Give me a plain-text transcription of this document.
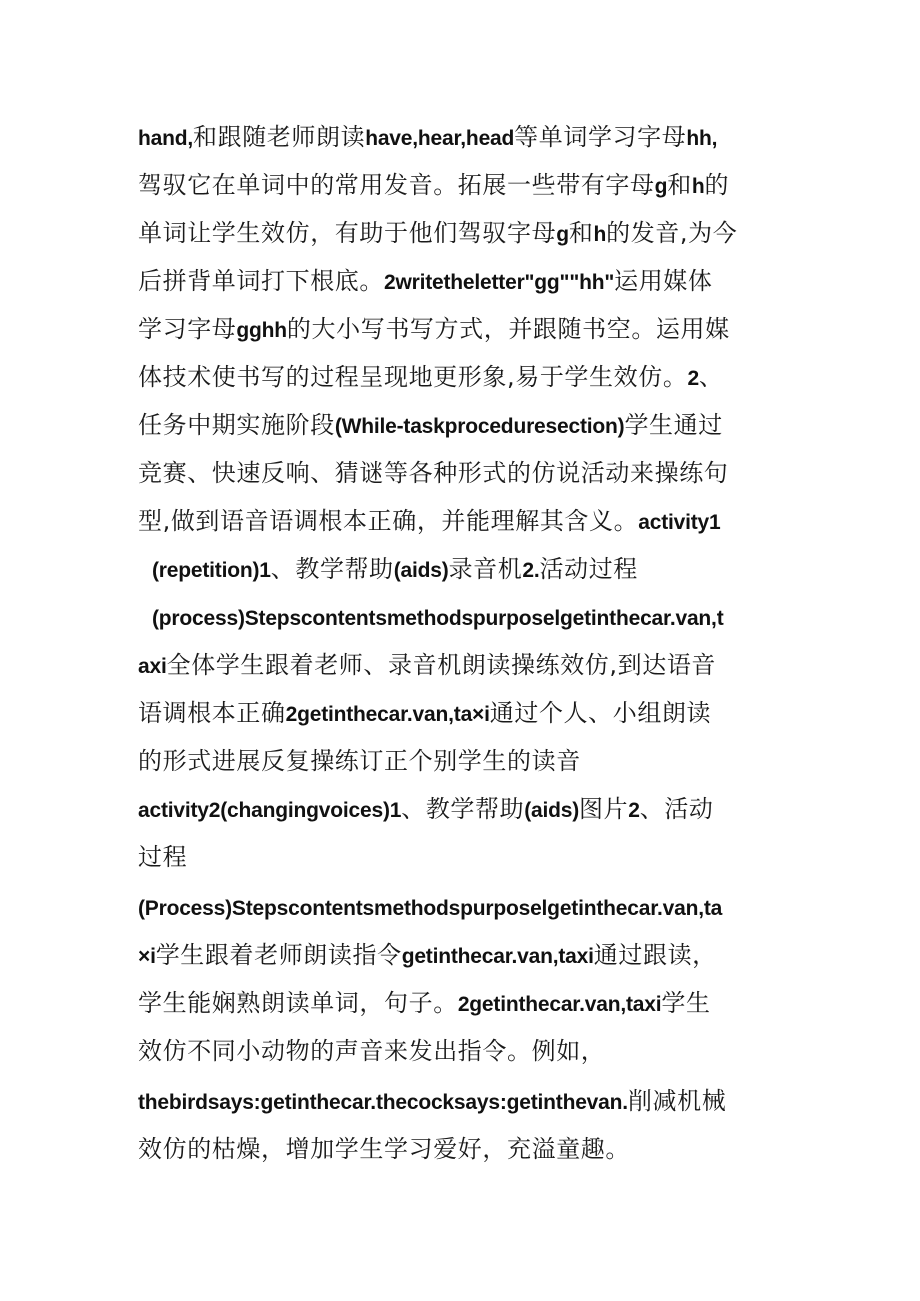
hand,和跟随老师朗读have,hear,head等单词学习字母hh,
驾驭它在单词中的常用发音。拓展一些带有字母g和h的
单词让学生效仿，有助于他们驾驭字母g和h的发音,为今
后拼背单词打下根底。2writetheletter"gg""hh"运用媒体
学习字母gghh的大小写书写方式，并跟随书空。运用媒
体技术使书写的过程呈现地更形象,易于学生效仿。2、
任务中期实施阶段(While-taskproceduresection)学生通过
竞赛、快速反响、猜谜等各种形式的仿说活动来操练句
型,做到语音语调根本正确，并能理解其含义。activity1
(repetition)1、教学帮助(aids)录音机2.活动过程
(process)Stepscontentsmethodspurposelgetinthecar.van,t
axi全体学生跟着老师、录音机朗读操练效仿,到达语音
语调根本正确2getinthecar.van,ta×i通过个人、小组朗读
的形式进展反复操练订正个别学生的读音
activity2(changingvoices)1、教学帮助(aids)图片2、活动
过程
(Process)Stepscontentsmethodspurposelgetinthecar.van,ta
×i学生跟着老师朗读指令getinthecar.van,taxi通过跟读，
学生能娴熟朗读单词，句子。2getinthecar.van,taxi学生
效仿不同小动物的声音来发出指令。例如，
thebirdsays:getinthecar.thecocksays:getinthevan.削减机械
效仿的枯燥，增加学生学习爱好，充溢童趣。
